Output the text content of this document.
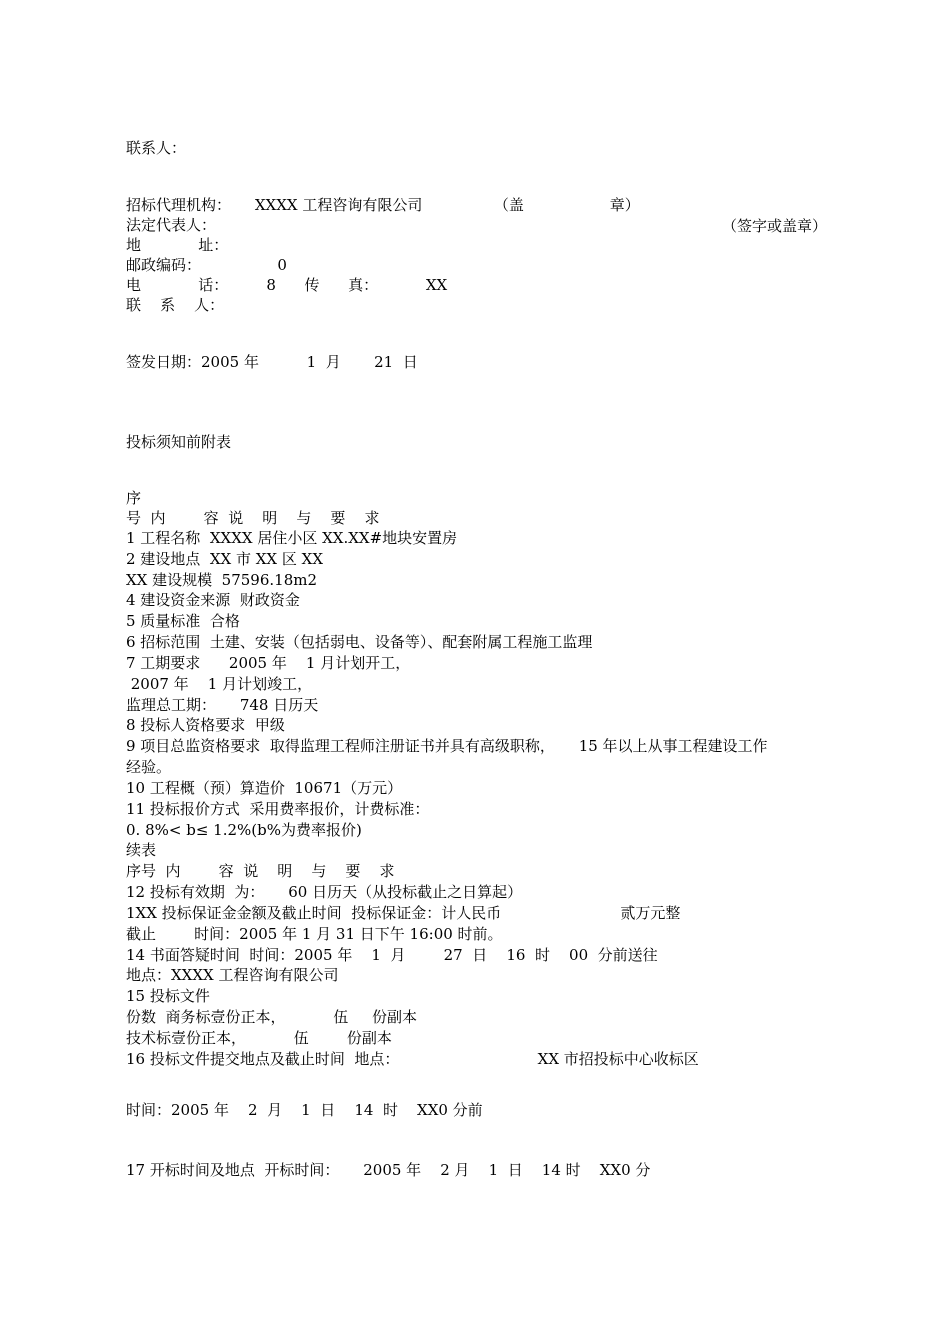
联系人：

招标代理机构： XXXX 工程咨询有限公司	（盖                  章）

法定代表人：	（签字或盖章）

地            址：

邮政编码：	0

电            话：	8 传      真：	XX

联    系    人：

签发日期：2005 年          1  月       21  日

投标须知前附表

序

号  内        容  说    明    与    要    求

1 工程名称  XXXX 居住小区 XX.XX#地块安置房

2 建设地点  XX 市 XX 区 XX

XX 建设规模  57596.18m2

4 建设资金来源  财政资金

5 质量标准  合格

6 招标范围  土建、安装（包括弱电、设备等）、配套附属工程施工监理

7 工期要求      2005 年    1 月计划开工，

2007 年    1 月计划竣工，

监理总工期：     748 日历天

8 投标人资格要求  甲级

9 项目总监资格要求  取得监理工程师注册证书并具有高级职称，     15 年以上从事工程建设工作

经验。

10 工程概（预）算造价  10671（万元）

11 投标报价方式  采用费率报价，计费标准：

0. 8%< b≤ 1.2%(b%为费率报价)

续表

序号  内        容  说    明    与    要    求

12 投标有效期  为：     60 日历天（从投标截止之日算起）

1XX 投标保证金金额及截止时间  投标保证金：计人民币                         贰万元整

截止        时间：2005 年 1 月 31 日下午 16:00 时前。

14 书面答疑时间  时间：2005 年    1  月        27  日    16  时    00  分前送往

地点：XXXX 工程咨询有限公司

15 投标文件

份数  商务标壹份正本，          伍     份副本

技术标壹份正本，          伍        份副本

16 投标文件提交地点及截止时间  地点：                             XX 市招投标中心收标区

时间：2005 年    2  月    1  日    14  时    XX0 分前

17 开标时间及地点  开标时间：     2005 年    2 月    1  日    14 时    XX0 分
